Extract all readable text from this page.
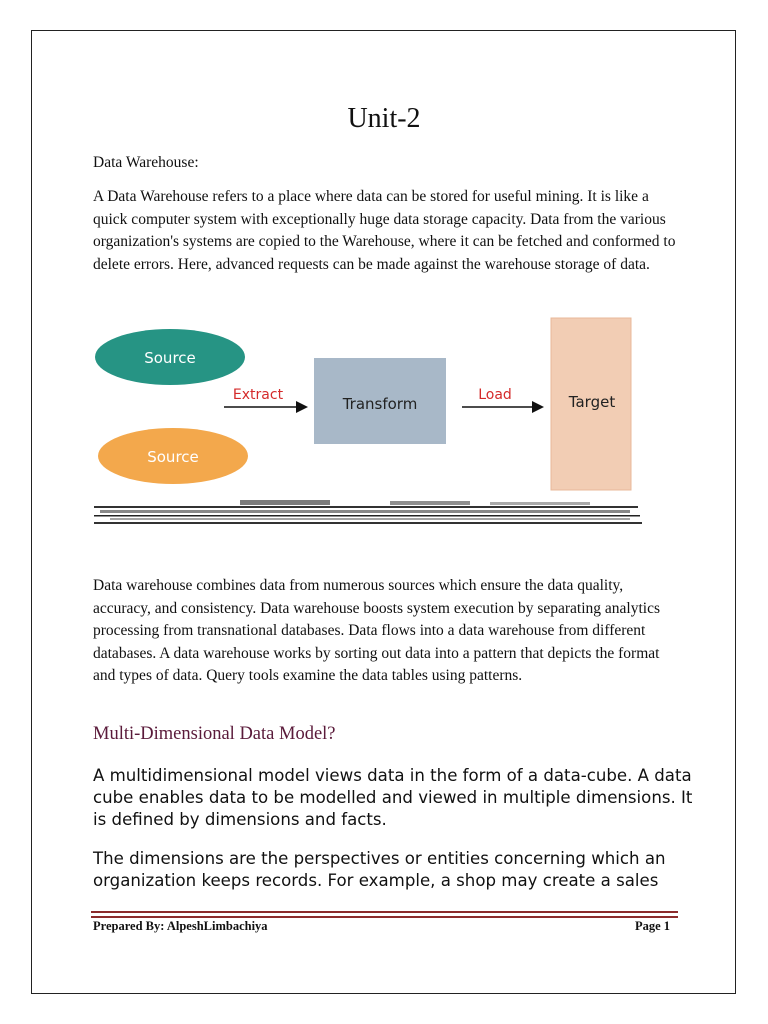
Unit-2
Data Warehouse:
A Data Warehouse refers to a place where data can be stored for useful mining. It is like a quick computer system with exceptionally huge data storage capacity. Data from the various organization's systems are copied to the Warehouse, where it can be fetched and conformed to delete errors. Here, advanced requests can be made against the warehouse storage of data.
Source
Source
Extract	Transform	Load	Target
Data warehouse combines data from numerous sources which ensure the data quality, accuracy, and consistency. Data warehouse boosts system execution by separating analytics processing from transnational databases. Data flows into a data warehouse from different databases. A data warehouse works by sorting out data into a pattern that depicts the format and types of data. Query tools examine the data tables using patterns.
Multi-Dimensional Data Model?
A multidimensional model views data in the form of a data-cube. A data cube enables data to be modelled and viewed in multiple dimensions. It is defined by dimensions and facts.
The dimensions are the perspectives or entities concerning which an organization keeps records. For example, a shop may create a sales
Prepared By: AlpeshLimbachiya	Page 1
